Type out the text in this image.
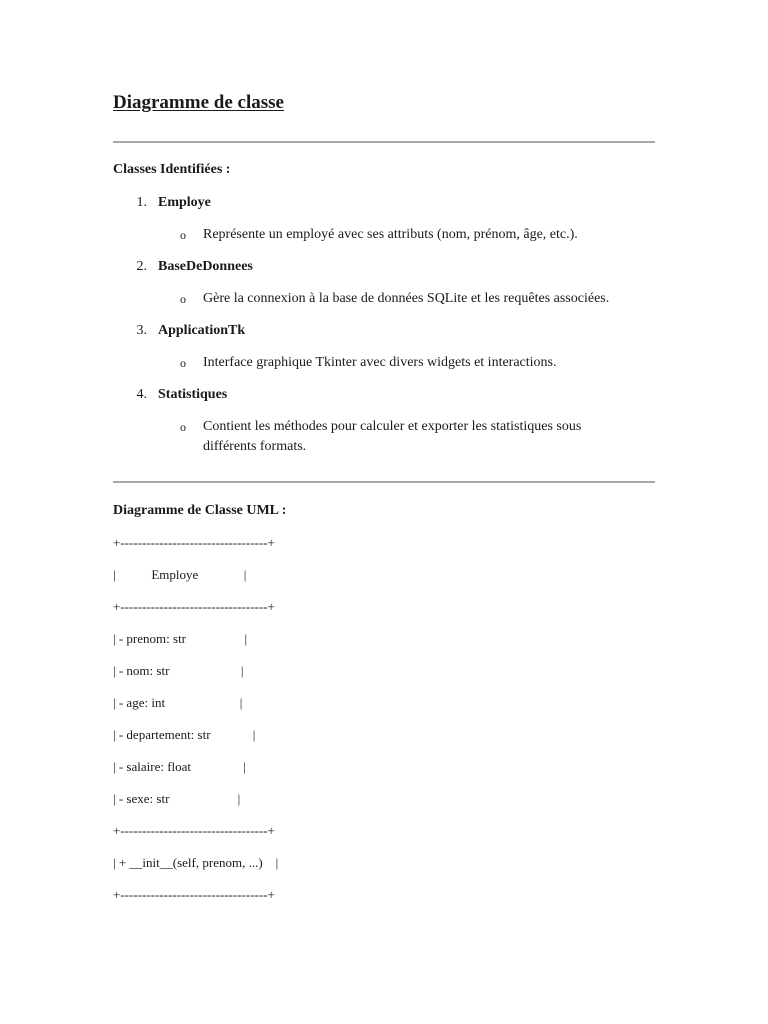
Diagramme de classe
Classes Identifiées :
1. Employe
o Représente un employé avec ses attributs (nom, prénom, âge, etc.).
2. BaseDeDonnees
o Gère la connexion à la base de données SQLite et les requêtes associées.
3. ApplicationTk
o Interface graphique Tkinter avec divers widgets et interactions.
4. Statistiques
o Contient les méthodes pour calculer et exporter les statistiques sous
différents formats.
Diagramme de Classe UML :
+----------------------------------+
|           Employe              |
+----------------------------------+
| - prenom: str                  |
| - nom: str                      |
| - age: int                       |
| - departement: str             |
| - salaire: float                |
| - sexe: str                     |
+----------------------------------+
| + __init__(self, prenom, ...)    |
+----------------------------------+
